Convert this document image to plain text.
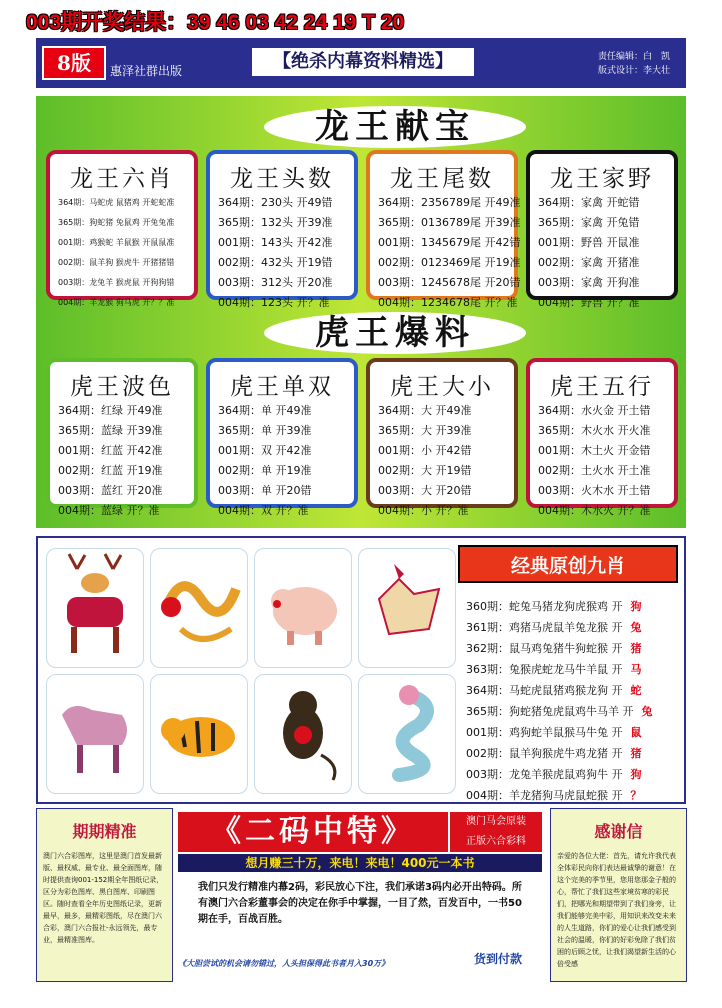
003期开奖结果：39 46 03 42 24 19 T 20
8版	惠泽社群出版	【绝杀内幕资料精选】	责任编辑：白　凯
版式设计：李大壮
龙王献宝
龙王六肖
364期：马蛇虎 鼠猪鸡 开蛇蛇准
365期：狗蛇猪 兔鼠鸡 开兔兔准
001期：鸡猴蛇 羊鼠猴 开鼠鼠准
002期：鼠羊狗 猴虎牛 开猪猪错
003期：龙兔羊 猴虎鼠 开狗狗错
004期：羊龙猴 狗马虎 开？？准
龙王头数
364期：230头 开49错
365期：132头 开39准
001期：143头 开42准
002期：432头 开19错
003期：312头 开20准
004期：123头 开？准
龙王尾数
364期：2356789尾 开49准
365期：0136789尾 开39准
001期：1345679尾 开42错
002期：0123469尾 开19准
003期：1245678尾 开20错
004期：1234678尾 开？准
龙王家野
364期：家禽 开蛇错
365期：家禽 开兔错
001期：野兽 开鼠准
002期：家禽 开猪准
003期：家禽 开狗准
004期：野兽 开？准
虎王爆料
虎王波色
364期：红绿 开49准
365期：蓝绿 开39准
001期：红蓝 开42准
002期：红蓝 开19准
003期：蓝红 开20准
004期：蓝绿 开？准
虎王单双
364期：单 开49准
365期：单 开39准
001期：双 开42准
002期：单 开19准
003期：单 开20错
004期：双 开？准
虎王大小
364期：大 开49准
365期：大 开39准
001期：小 开42错
002期：大 开19错
003期：大 开20错
004期：小 开？准
虎王五行
364期：水火金 开土错
365期：木火水 开火准
001期：木土火 开金错
002期：土火水 开土准
003期：火木水 开土错
004期：木水火 开？准
经典原创九肖
360期：蛇兔马猪龙狗虎猴鸡 开 狗
361期：鸡猪马虎鼠羊兔龙猴 开 兔
362期：鼠马鸡兔猪牛狗蛇猴 开 猪
363期：兔猴虎蛇龙马牛羊鼠 开 马
364期：马蛇虎鼠猪鸡猴龙狗 开 蛇
365期：狗蛇猪兔虎鼠鸡牛马羊 开 兔
001期：鸡狗蛇羊鼠猴马牛兔 开 鼠
002期：鼠羊狗猴虎牛鸡龙猪 开 猪
003期：龙兔羊猴虎鼠鸡狗牛 开 狗
004期：羊龙猪狗马虎鼠蛇猴 开 ？
期期精准
澳门六合彩图库，这里是澳门首发最新版、最权威、最专业、最全面图库，随时提供查询001-152期全年图纸记录，区分为彩色图库、黑白图库、印刷图区。随时查看全年历史图纸记录，更新最早，最多，最精彩图纸，尽在澳门六合彩，澳门六合报社-永远领先，最专业，最精准图库。
《二码中特》	澳门马会原装
正版六合彩料
想月赚三十万，来电！来电！400元一本书
我们只发行精准内幕2码，彩民放心下注，我们承诺3码内必开出特码。所有澳门六合彩董事会的决定在你手中掌握，一目了然，百发百中，一书50期在手，百战百胜。
货到付款
《大胆尝试的机会请勿错过，人头担保得此书者月入30万》
感谢信
亲爱的各位大佬：首先，请允许我代表全体彩民向你们表达最诚挚的谢意！在这个完美的季节里，您用您那金子般的心，帮忙了我们这些家境贫寒的彩民们，把哪光和期望带到了我们身旁，让我们能够完美中彩，用知识来改变未来的人生道路，你们的爱心让我们感受到社会的温暖，你们的好彩免除了我们贫困的后顾之忧，让我们渴望新生活的心倍受感
